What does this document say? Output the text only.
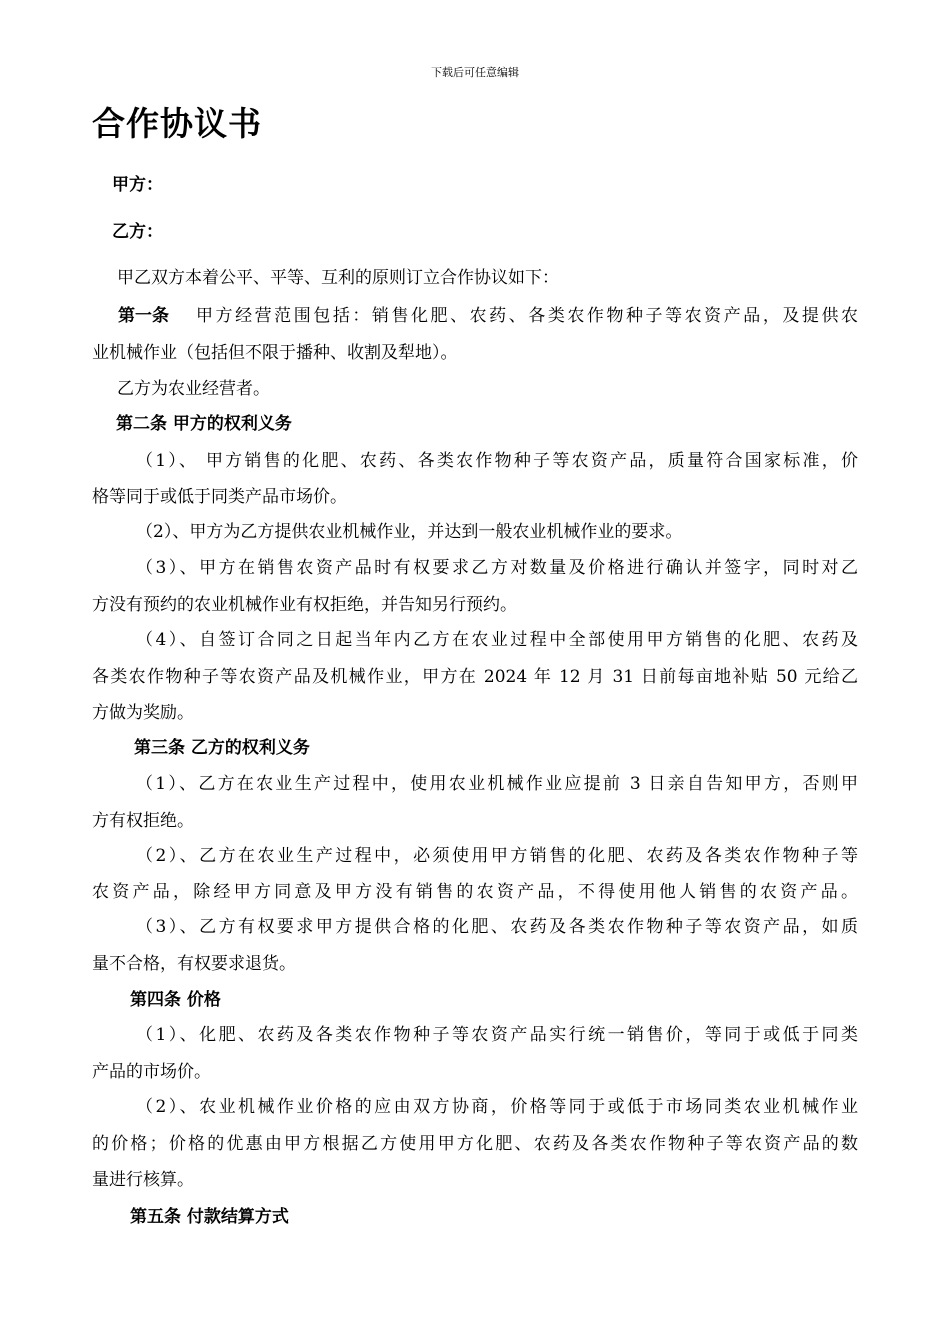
下载后可任意编辑
合作协议书
甲方：
乙方：
甲乙双方本着公平、平等、互利的原则订立合作协议如下：
第一条 甲方经营范围包括：销售化肥、农药、各类农作物种子等农资产品，及提供农
业机械作业（包括但不限于播种、收割及犁地）。
乙方为农业经营者。
第二条 甲方的权利义务
（1）、 甲方销售的化肥、农药、各类农作物种子等农资产品，质量符合国家标准，价
格等同于或低于同类产品市场价。
（2）、甲方为乙方提供农业机械作业，并达到一般农业机械作业的要求。
（3）、甲方在销售农资产品时有权要求乙方对数量及价格进行确认并签字，同时对乙
方没有预约的农业机械作业有权拒绝，并告知另行预约。
（4）、自签订合同之日起当年内乙方在农业过程中全部使用甲方销售的化肥、农药及
各类农作物种子等农资产品及机械作业，甲方在 2024 年 12 月 31 日前每亩地补贴 50 元给乙
方做为奖励。
第三条 乙方的权利义务
（1）、乙方在农业生产过程中，使用农业机械作业应提前 3 日亲自告知甲方，否则甲
方有权拒绝。
（2）、乙方在农业生产过程中，必须使用甲方销售的化肥、农药及各类农作物种子等
农资产品，除经甲方同意及甲方没有销售的农资产品，不得使用他人销售的农资产品。
（3）、乙方有权要求甲方提供合格的化肥、农药及各类农作物种子等农资产品，如质
量不合格，有权要求退货。
第四条 价格
（1）、化肥、农药及各类农作物种子等农资产品实行统一销售价，等同于或低于同类
产品的市场价。
（2）、农业机械作业价格的应由双方协商，价格等同于或低于市场同类农业机械作业
的价格；价格的优惠由甲方根据乙方使用甲方化肥、农药及各类农作物种子等农资产品的数
量进行核算。
第五条 付款结算方式
